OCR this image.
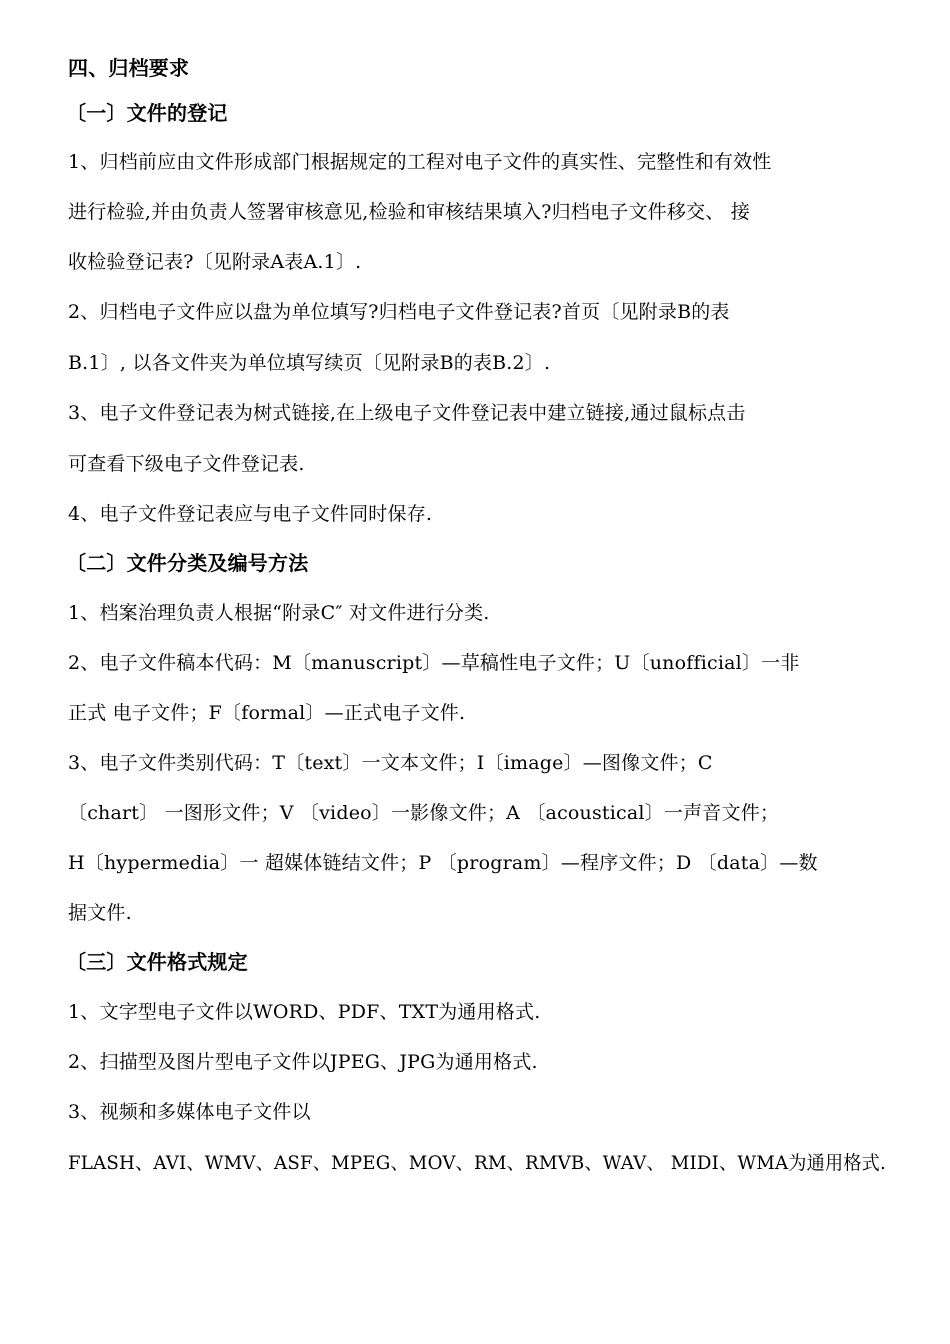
四、归档要求
〔一〕文件的登记
1、归档前应由文件形成部门根据规定的工程对电子文件的真实性、完整性和有效性
进行检验,并由负责人签署审核意见,检验和审核结果填入?归档电子文件移交、 接
收检验登记表?〔见附录A表A.1〕.
2、归档电子文件应以盘为单位填写?归档电子文件登记表?首页〔见附录B的表
B.1〕, 以各文件夹为单位填写续页〔见附录B的表B.2〕.
3、电子文件登记表为树式链接,在上级电子文件登记表中建立链接,通过鼠标点击
可查看下级电子文件登记表.
4、电子文件登记表应与电子文件同时保存.
〔二〕文件分类及编号方法
1、档案治理负责人根据“附录C″ 对文件进行分类.
2、电子文件稿本代码：M〔manuscript〕—草稿性电子文件；U〔unofficial〕一非
正式 电子文件；F〔formal〕—正式电子文件.
3、电子文件类别代码：T〔text〕一文本文件；I〔image〕—图像文件；C
〔chart〕 一图形文件；V 〔video〕一影像文件；A 〔acoustical〕一声音文件；
H〔hypermedia〕一 超媒体链结文件；P 〔program〕—程序文件；D 〔data〕—数
据文件.
〔三〕文件格式规定
1、文字型电子文件以WORD、PDF、TXT为通用格式.
2、扫描型及图片型电子文件以JPEG、JPG为通用格式.
3、视频和多媒体电子文件以
FLASH、AVI、WMV、ASF、MPEG、MOV、RM、RMVB、WAV、 MIDI、WMA为通用格式.
